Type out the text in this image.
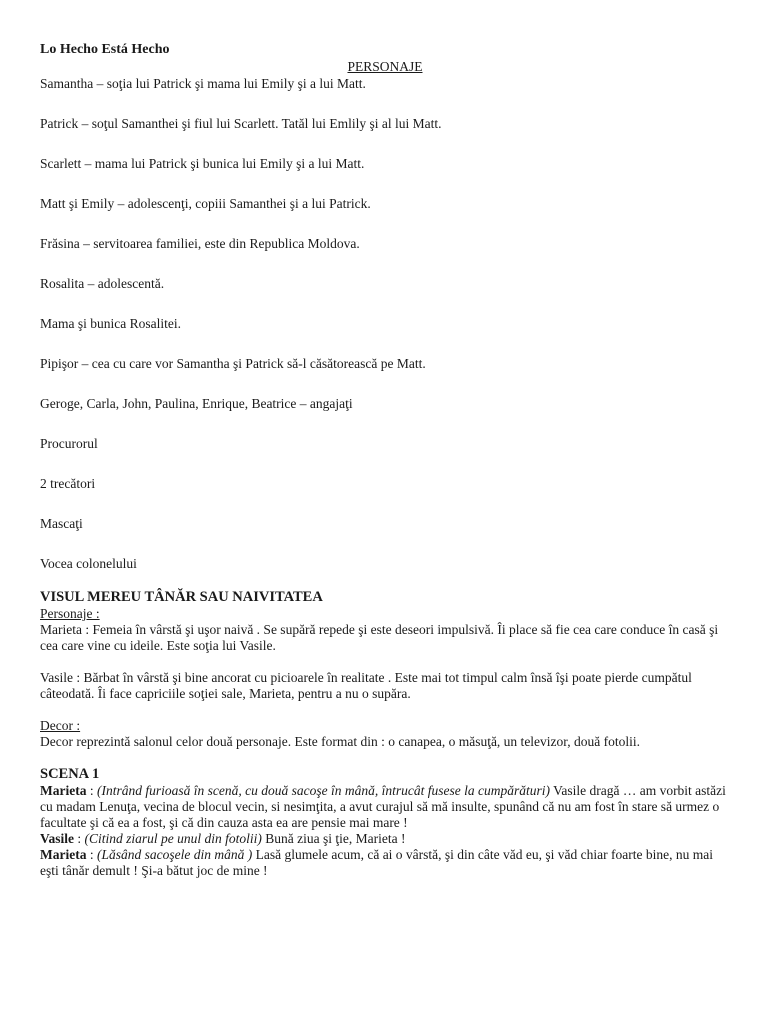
Lo Hecho Está Hecho

PERSONAJE

Samantha – soţia lui Patrick şi mama lui Emily şi a lui Matt.

Patrick – soţul Samanthei şi fiul lui Scarlett. Tatăl lui Emlily şi al lui Matt.

Scarlett – mama lui Patrick şi bunica lui Emily şi a lui Matt.

Matt şi Emily – adolescenţi, copiii Samanthei şi a lui Patrick.

Frăsina – servitoarea familiei, este din Republica Moldova.

Rosalita – adolescentă.

Mama şi bunica Rosalitei.

Pipişor – cea cu care vor Samantha şi Patrick să-l căsătorească pe Matt.

Geroge, Carla, John, Paulina, Enrique, Beatrice – angajaţi

Procurorul

2 trecători

Mascaţi

Vocea colonelului

VISUL MEREU TÂNĂR SAU NAIVITATEA

Personaje :

Marieta : Femeia în vârstă şi uşor naivă . Se supără repede şi este deseori impulsivă. Îi place să fie cea care conduce în casă şi cea care vine cu ideile. Este soţia lui Vasile.

Vasile : Bărbat în vârstă şi bine ancorat cu picioarele în realitate . Este mai tot timpul calm însă îşi poate pierde cumpătul câteodată. Îi face capriciile soţiei sale, Marieta, pentru a nu o supăra.

Decor :

Decor reprezintă salonul celor două personaje. Este format din : o canapea, o măsuţă, un televizor, două fotolii.

SCENA 1

Marieta : (Intrând furioasă în scenă, cu două sacoşe în mână, întrucât fusese la cumpărături) Vasile dragă … am vorbit astăzi cu madam Lenuţa, vecina de blocul vecin, si nesimţita, a avut curajul să mă insulte, spunând că nu am fost în stare să urmez o facultate şi că ea a fost, şi că din cauza asta ea are pensie mai mare !

Vasile : (Citind ziarul pe unul din fotolii) Bună ziua şi ţie, Marieta !

Marieta : (Lăsând sacoşele din mână ) Lasă glumele acum, că ai o vârstă, şi din câte văd eu, şi văd chiar foarte bine, nu mai eşti tânăr demult ! Şi-a bătut joc de mine !
